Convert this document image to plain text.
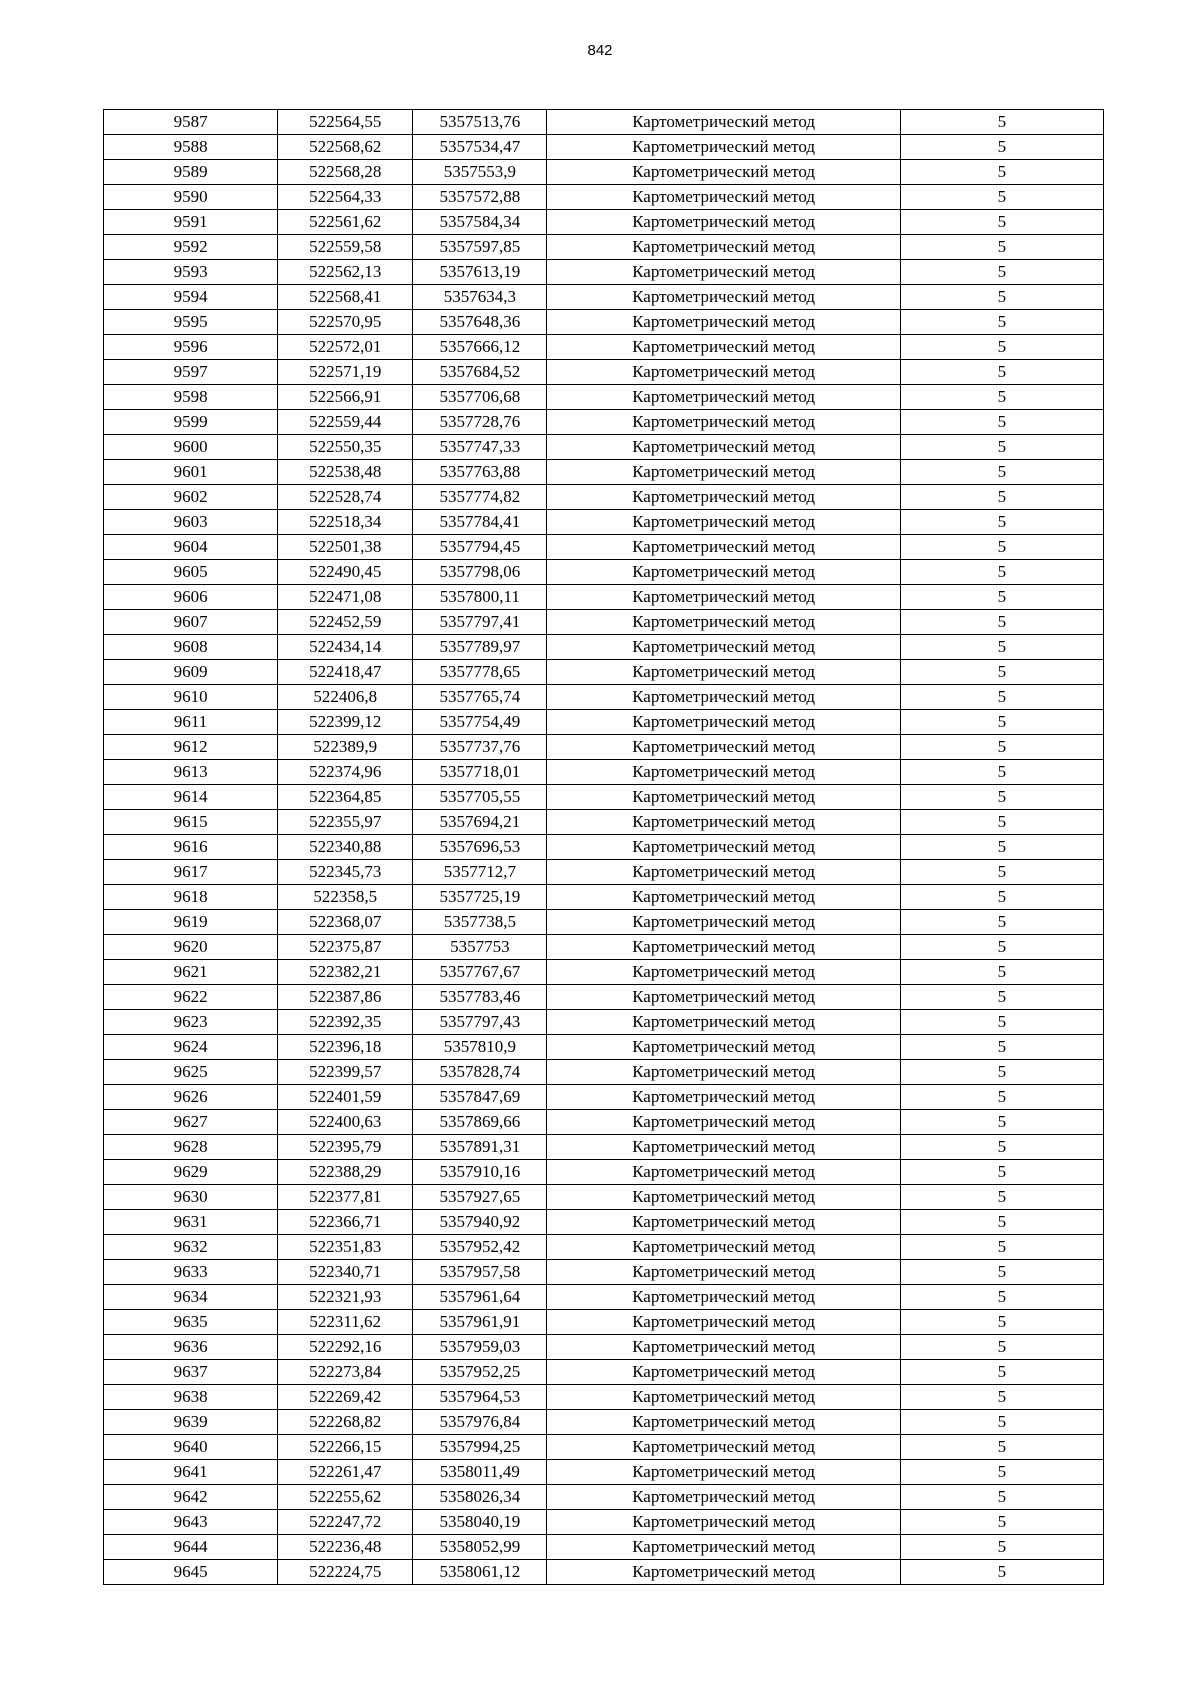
842
9587	522564,55	5357513,76	Картометрический метод	5
9588	522568,62	5357534,47	Картометрический метод	5
9589	522568,28	5357553,9	Картометрический метод	5
9590	522564,33	5357572,88	Картометрический метод	5
9591	522561,62	5357584,34	Картометрический метод	5
9592	522559,58	5357597,85	Картометрический метод	5
9593	522562,13	5357613,19	Картометрический метод	5
9594	522568,41	5357634,3	Картометрический метод	5
9595	522570,95	5357648,36	Картометрический метод	5
9596	522572,01	5357666,12	Картометрический метод	5
9597	522571,19	5357684,52	Картометрический метод	5
9598	522566,91	5357706,68	Картометрический метод	5
9599	522559,44	5357728,76	Картометрический метод	5
9600	522550,35	5357747,33	Картометрический метод	5
9601	522538,48	5357763,88	Картометрический метод	5
9602	522528,74	5357774,82	Картометрический метод	5
9603	522518,34	5357784,41	Картометрический метод	5
9604	522501,38	5357794,45	Картометрический метод	5
9605	522490,45	5357798,06	Картометрический метод	5
9606	522471,08	5357800,11	Картометрический метод	5
9607	522452,59	5357797,41	Картометрический метод	5
9608	522434,14	5357789,97	Картометрический метод	5
9609	522418,47	5357778,65	Картометрический метод	5
9610	522406,8	5357765,74	Картометрический метод	5
9611	522399,12	5357754,49	Картометрический метод	5
9612	522389,9	5357737,76	Картометрический метод	5
9613	522374,96	5357718,01	Картометрический метод	5
9614	522364,85	5357705,55	Картометрический метод	5
9615	522355,97	5357694,21	Картометрический метод	5
9616	522340,88	5357696,53	Картометрический метод	5
9617	522345,73	5357712,7	Картометрический метод	5
9618	522358,5	5357725,19	Картометрический метод	5
9619	522368,07	5357738,5	Картометрический метод	5
9620	522375,87	5357753	Картометрический метод	5
9621	522382,21	5357767,67	Картометрический метод	5
9622	522387,86	5357783,46	Картометрический метод	5
9623	522392,35	5357797,43	Картометрический метод	5
9624	522396,18	5357810,9	Картометрический метод	5
9625	522399,57	5357828,74	Картометрический метод	5
9626	522401,59	5357847,69	Картометрический метод	5
9627	522400,63	5357869,66	Картометрический метод	5
9628	522395,79	5357891,31	Картометрический метод	5
9629	522388,29	5357910,16	Картометрический метод	5
9630	522377,81	5357927,65	Картометрический метод	5
9631	522366,71	5357940,92	Картометрический метод	5
9632	522351,83	5357952,42	Картометрический метод	5
9633	522340,71	5357957,58	Картометрический метод	5
9634	522321,93	5357961,64	Картометрический метод	5
9635	522311,62	5357961,91	Картометрический метод	5
9636	522292,16	5357959,03	Картометрический метод	5
9637	522273,84	5357952,25	Картометрический метод	5
9638	522269,42	5357964,53	Картометрический метод	5
9639	522268,82	5357976,84	Картометрический метод	5
9640	522266,15	5357994,25	Картометрический метод	5
9641	522261,47	5358011,49	Картометрический метод	5
9642	522255,62	5358026,34	Картометрический метод	5
9643	522247,72	5358040,19	Картометрический метод	5
9644	522236,48	5358052,99	Картометрический метод	5
9645	522224,75	5358061,12	Картометрический метод	5
